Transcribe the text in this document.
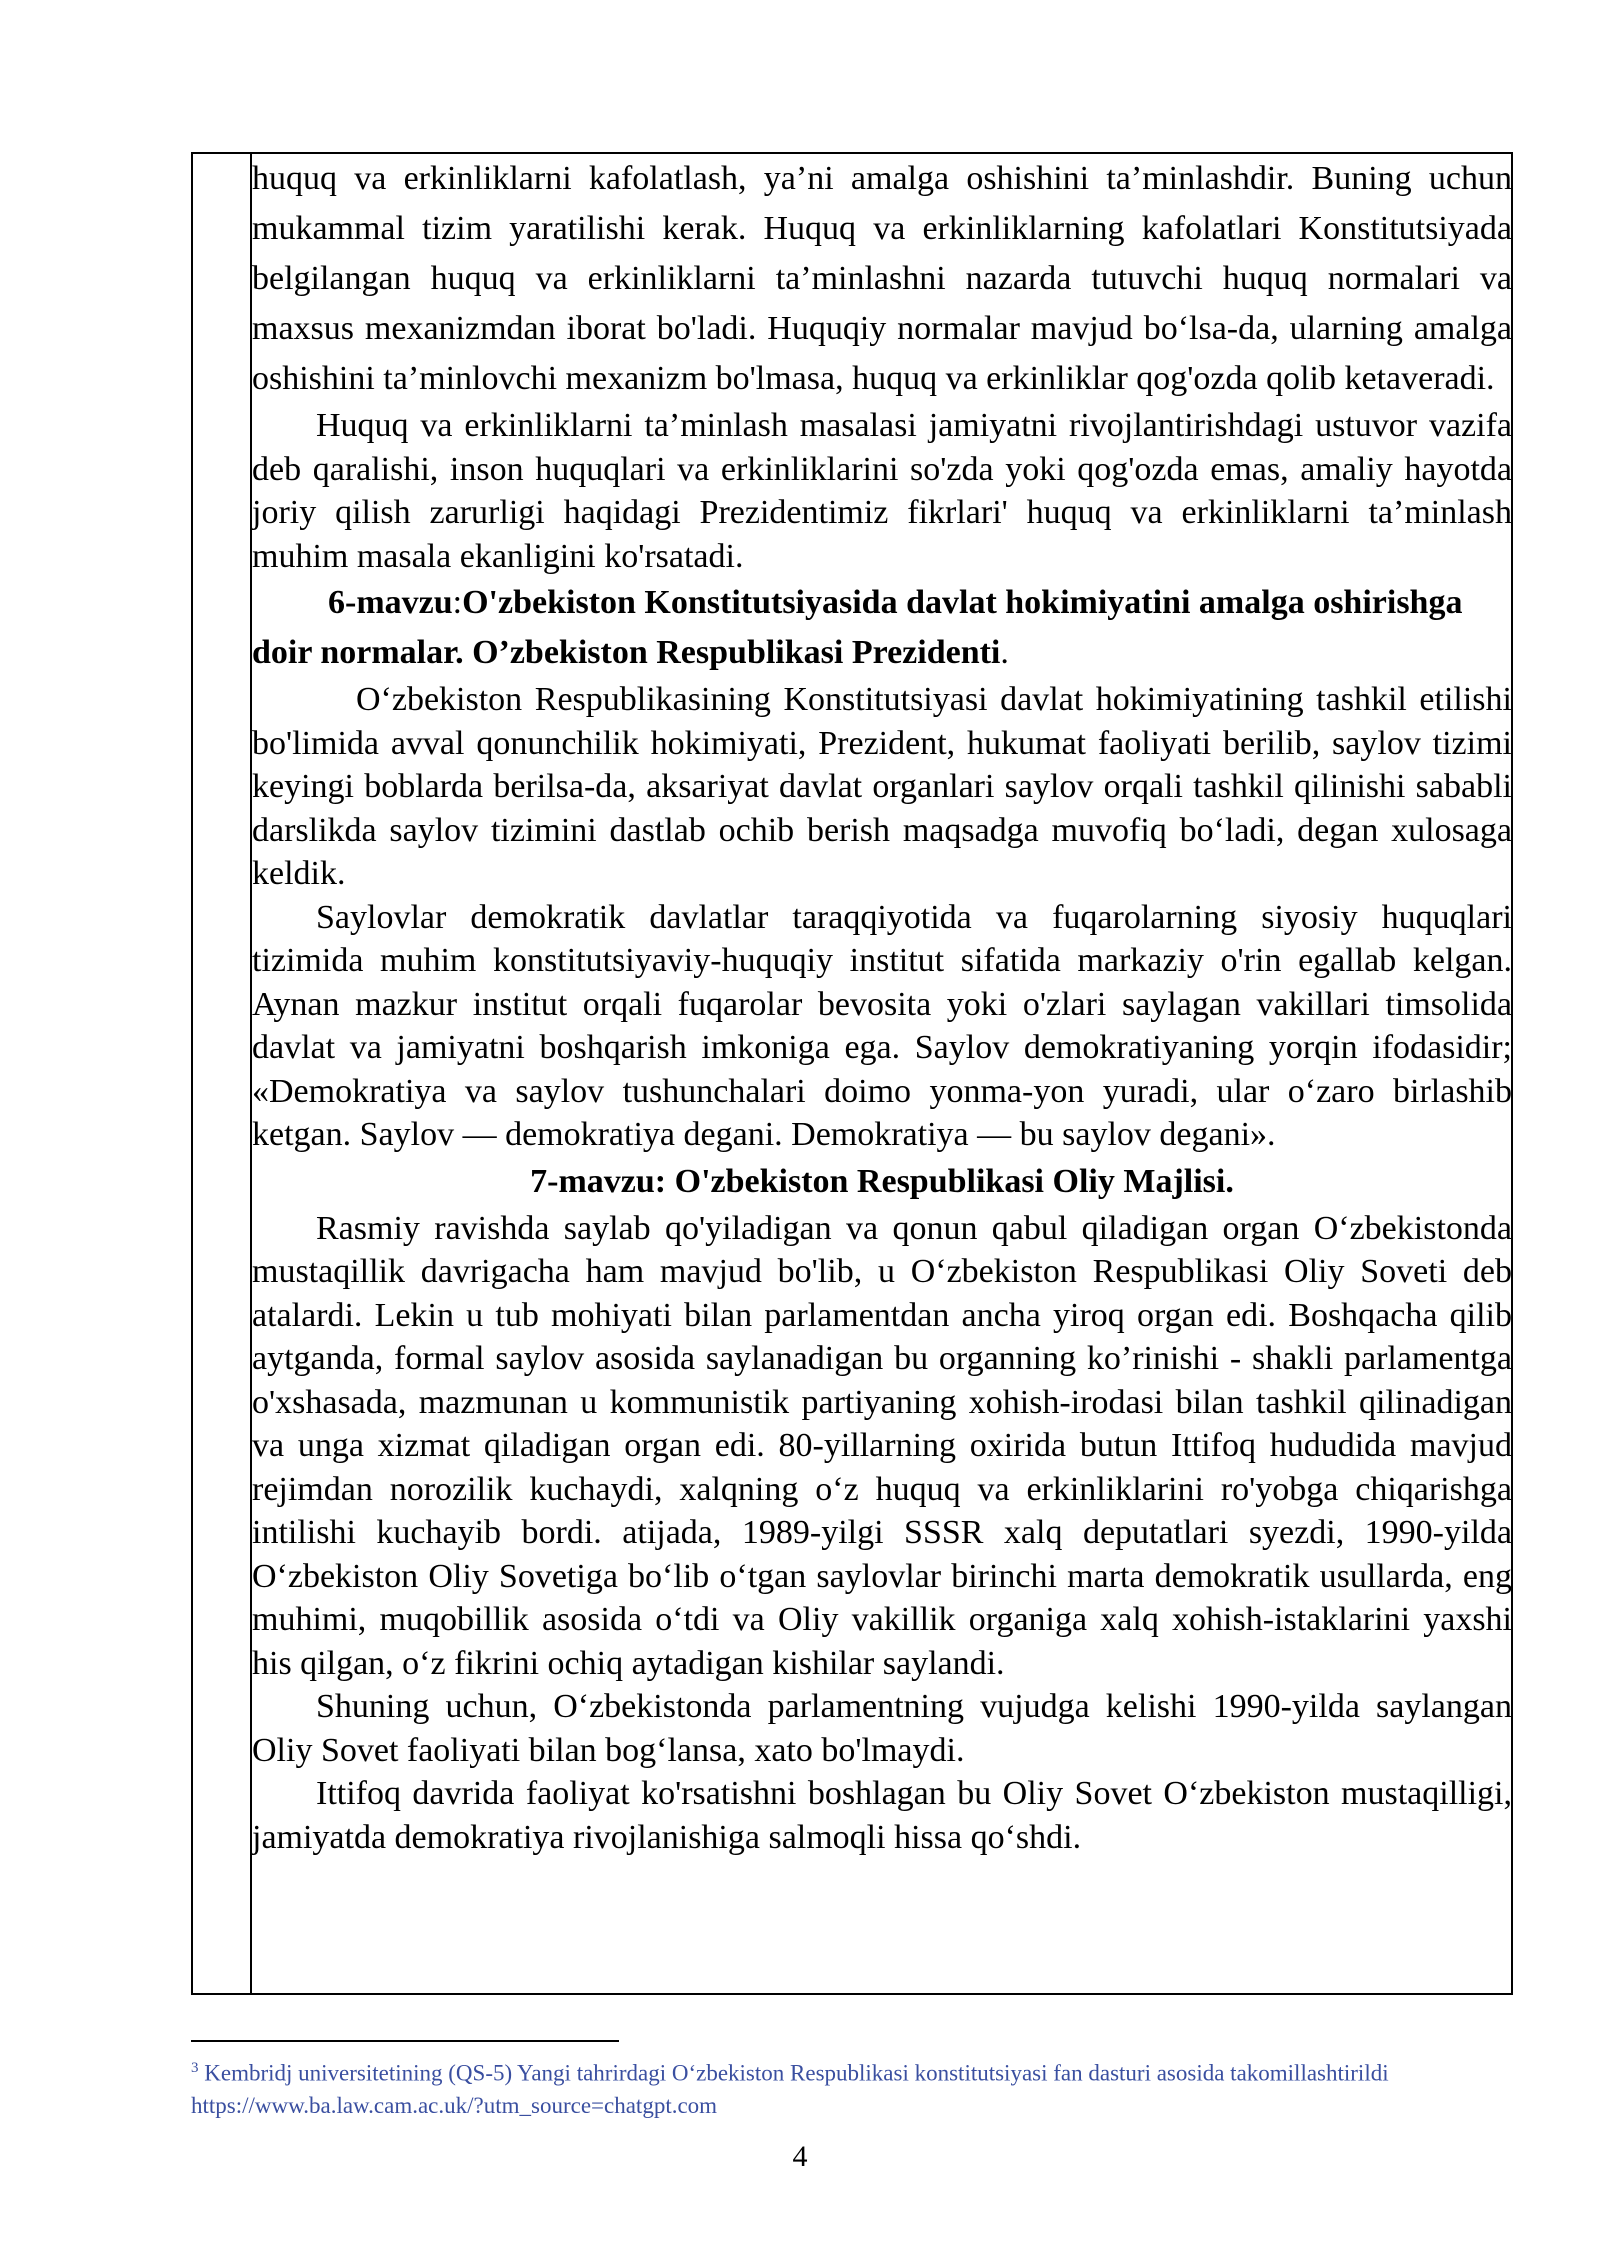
huquq va erkinliklarni kafolatlash, ya’ni amalga oshishini ta’minlashdir. Buning uchun mukammal tizim yaratilishi kerak. Huquq va erkinliklarning kafolatlari Konstitutsiyada belgilangan huquq va erkinliklarni ta’minlashni nazarda tutuvchi huquq normalari va maxsus mexanizmdan iborat bo'ladi. Huquqiy normalar mavjud bo‘lsa-da, ularning amalga oshishini ta’minlovchi mexanizm bo'lmasa, huquq va erkinliklar qog'ozda qolib ketaveradi.

Huquq va erkinliklarni ta’minlash masalasi jamiyatni rivojlantirishdagi ustuvor vazifa deb qaralishi, inson huquqlari va erkinliklarini so'zda yoki qog'ozda emas, amaliy hayotda joriy qilish zarurligi haqidagi Prezidentimiz fikrlari' huquq va erkinliklarni ta’minlash muhim masala ekanligini ko'rsatadi.

6-mavzu:O'zbekiston Konstitutsiyasida davlat hokimiyatini amalga oshirishga doir normalar. O’zbekiston Respublikasi Prezidenti.

O‘zbekiston Respublikasining Konstitutsiyasi davlat hokimiyatining tashkil etilishi bo'limida avval qonunchilik hokimiyati, Prezident, hukumat faoliyati berilib, saylov tizimi keyingi boblarda berilsa-da, aksariyat davlat organlari saylov orqali tashkil qilinishi sababli darslikda saylov tizimini dastlab ochib berish maqsadga muvofiq bo‘ladi, degan xulosaga keldik.

Saylovlar demokratik davlatlar taraqqiyotida va fuqarolarning siyosiy huquqlari tizimida muhim konstitutsiyaviy-huquqiy institut sifatida markaziy o'rin egallab kelgan. Aynan mazkur institut orqali fuqarolar bevosita yoki o'zlari saylagan vakillari timsolida davlat va jamiyatni boshqarish imkoniga ega. Saylov demokratiyaning yorqin ifodasidir; «Demokratiya va saylov tushunchalari doimo yonma-yon yuradi, ular o‘zaro birlashib ketgan. Saylov — demokratiya degani. Demokratiya — bu saylov degani».

7-mavzu: O'zbekiston Respublikasi Oliy Majlisi.

Rasmiy ravishda saylab qo'yiladigan va qonun qabul qiladigan organ O‘zbekistonda mustaqillik davrigacha ham mavjud bo'lib, u O‘zbekiston Respublikasi Oliy Soveti deb atalardi. Lekin u tub mohiyati bilan parlamentdan ancha yiroq organ edi. Boshqacha qilib aytganda, formal saylov asosida saylanadigan bu organning ko’rinishi - shakli parlamentga o'xshasada, mazmunan u kommunistik partiyaning xohish-irodasi bilan tashkil qilinadigan va unga xizmat qiladigan organ edi. 80-yillarning oxirida butun Ittifoq hududida mavjud rejimdan norozilik kuchaydi, xalqning o‘z huquq va erkinliklarini ro'yobga chiqarishga intilishi kuchayib bordi. atijada, 1989-yilgi SSSR xalq deputatlari syezdi, 1990-yilda O‘zbekiston Oliy Sovetiga bo‘lib o‘tgan saylovlar birinchi marta demokratik usullarda, eng muhimi, muqobillik asosida o‘tdi va Oliy vakillik organiga xalq xohish-istaklarini yaxshi his qilgan, o‘z fikrini ochiq aytadigan kishilar saylandi.

Shuning uchun, O‘zbekistonda parlamentning vujudga kelishi 1990-yilda saylangan Oliy Sovet faoliyati bilan bog‘lansa, xato bo'lmaydi.

Ittifoq davrida faoliyat ko'rsatishni boshlagan bu Oliy Sovet O‘zbekiston mustaqilligi, jamiyatda demokratiya rivojlanishiga salmoqli hissa qo‘shdi.

$^3$ Kembridj universitetining (QS-5) Yangi tahrirdagi O‘zbekiston Respublikasi konstitutsiyasi fan dasturi asosida takomillashtirildi https://www.ba.law.cam.ac.uk/?utm_source=chatgpt.com
4
